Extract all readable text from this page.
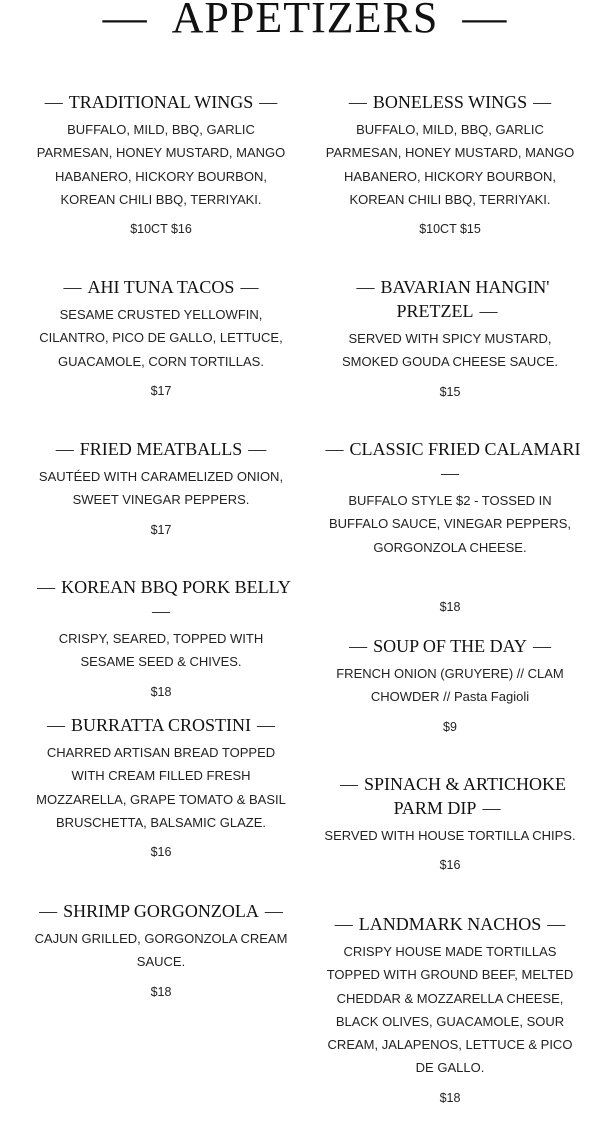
— APPETIZERS —
— TRADITIONAL WINGS —

BUFFALO, MILD, BBQ, GARLIC PARMESAN, HONEY MUSTARD, MANGO HABANERO, HICKORY BOURBON, KOREAN CHILI BBQ, TERRIYAKI.

$10CT $16
— AHI TUNA TACOS —

SESAME CRUSTED YELLOWFIN, CILANTRO, PICO DE GALLO, LETTUCE, GUACAMOLE, CORN TORTILLAS.

$17
— FRIED MEATBALLS —

SAUTÉED WITH CARAMELIZED ONION, SWEET VINEGAR PEPPERS.

$17
— KOREAN BBQ PORK BELLY—

CRISPY, SEARED, TOPPED WITH SESAME SEED & CHIVES.

$18
— BURRATTA CROSTINI —

CHARRED ARTISAN BREAD TOPPED WITH CREAM FILLED FRESH MOZZARELLA, GRAPE TOMATO & BASIL BRUSCHETTA, BALSAMIC GLAZE.

$16
— SHRIMP GORGONZOLA —

CAJUN GRILLED, GORGONZOLA CREAM SAUCE.

$18
— BONELESS WINGS —

BUFFALO, MILD, BBQ, GARLIC PARMESAN, HONEY MUSTARD, MANGO HABANERO, HICKORY BOURBON, KOREAN CHILI BBQ, TERRIYAKI.

$10CT $15
— BAVARIAN HANGIN' PRETZEL —

SERVED WITH SPICY MUSTARD, SMOKED GOUDA CHEESE SAUCE.

$15
— CLASSIC FRIED CALAMARI—

BUFFALO STYLE $2 - TOSSED IN BUFFALO SAUCE, VINEGAR PEPPERS, GORGONZOLA CHEESE.

$18
— SOUP OF THE DAY —

FRENCH ONION (GRUYERE) // CLAM CHOWDER // Pasta Fagioli

$9
— SPINACH & ARTICHOKE PARM DIP —

SERVED WITH HOUSE TORTILLA CHIPS.

$16
— LANDMARK NACHOS —

CRISPY HOUSE MADE TORTILLAS TOPPED WITH GROUND BEEF, MELTED CHEDDAR & MOZZARELLA CHEESE, BLACK OLIVES, GUACAMOLE, SOUR CREAM, JALAPENOS, LETTUCE & PICO DE GALLO.

$18
